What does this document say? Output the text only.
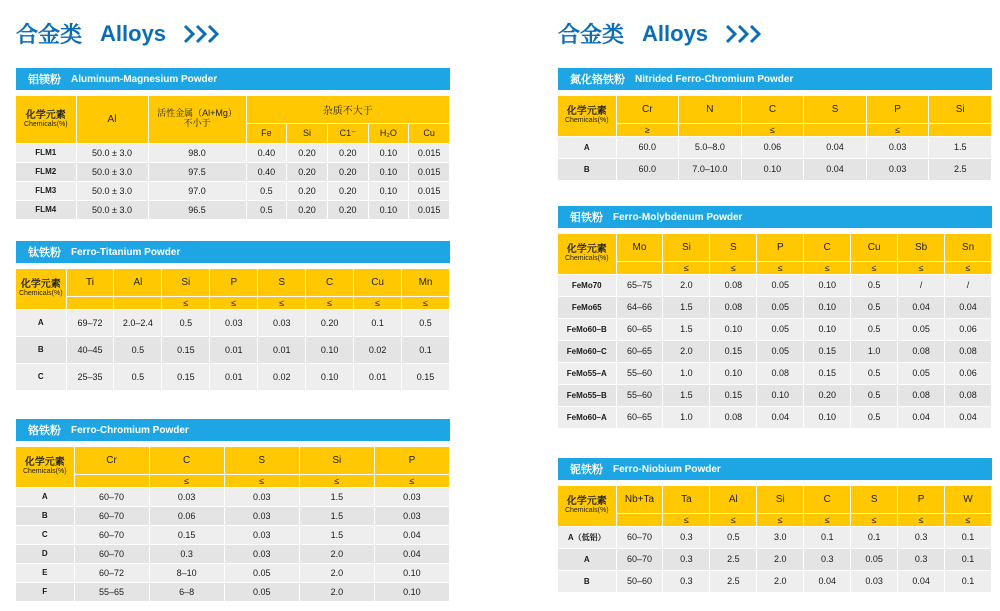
合金类 Alloys
铝镁粉 Aluminum-Magnesium Powder
化学元素
Chemicals(%)	Al	活性金属（Al+Mg）不小于	杂质不大于				
			Fe	Si	C1⁻	H₂O	Cu
FLM1	50.0 ± 3.0	98.0	0.40	0.20	0.20	0.10	0.015
FLM2	50.0 ± 3.0	97.5	0.40	0.20	0.20	0.10	0.015
FLM3	50.0 ± 3.0	97.0	0.5	0.20	0.20	0.10	0.015
FLM4	50.0 ± 3.0	96.5	0.5	0.20	0.20	0.10	0.015
钛铁粉 Ferro-Titanium Powder
化学元素
Chemicals(%)	Ti	Al	Si	P	S	C	Cu	Mn
			≤	≤	≤	≤	≤	≤
A	69–72	2.0–2.4	0.5	0.03	0.03	0.20	0.1	0.5
B	40–45	0.5	0.15	0.01	0.01	0.10	0.02	0.1
C	25–35	0.5	0.15	0.01	0.02	0.10	0.01	0.15
铬铁粉 Ferro-Chromium Powder
化学元素
Chemicals(%)	Cr	C	S	Si	P
		≤	≤	≤	≤
A	60–70	0.03	0.03	1.5	0.03
B	60–70	0.06	0.03	1.5	0.03
C	60–70	0.15	0.03	1.5	0.04
D	60–70	0.3	0.03	2.0	0.04
E	60–72	8–10	0.05	2.0	0.10
F	55–65	6–8	0.05	2.0	0.10
合金类 Alloys
氮化铬铁粉 Nitrided Ferro-Chromium Powder
化学元素
Chemicals(%)	Cr	N	C	S	P	Si
	≥		≤		≤	
A	60.0	5.0–8.0	0.06	0.04	0.03	1.5
B	60.0	7.0–10.0	0.10	0.04	0.03	2.5
钼铁粉 Ferro-Molybdenum Powder
化学元素
Chemicals(%)	Mo	Si	S	P	C	Cu	Sb	Sn
		≤	≤	≤	≤	≤	≤	≤
FeMo70	65–75	2.0	0.08	0.05	0.10	0.5	/	/
FeMo65	64–66	1.5	0.08	0.05	0.10	0.5	0.04	0.04
FeMo60–B	60–65	1.5	0.10	0.05	0.10	0.5	0.05	0.06
FeMo60–C	60–65	2.0	0.15	0.05	0.15	1.0	0.08	0.08
FeMo55–A	55–60	1.0	0.10	0.08	0.15	0.5	0.05	0.06
FeMo55–B	55–60	1.5	0.15	0.10	0.20	0.5	0.08	0.08
FeMo60–A	60–65	1.0	0.08	0.04	0.10	0.5	0.04	0.04
铌铁粉 Ferro-Niobium Powder
化学元素
Chemicals(%)	Nb+Ta	Ta	Al	Si	C	S	P	W
		≤	≤	≤	≤	≤	≤	≤
A（低铝）	60–70	0.3	0.5	3.0	0.1	0.1	0.3	0.1
A	60–70	0.3	2.5	2.0	0.3	0.05	0.3	0.1
B	50–60	0.3	2.5	2.0	0.04	0.03	0.04	0.1
